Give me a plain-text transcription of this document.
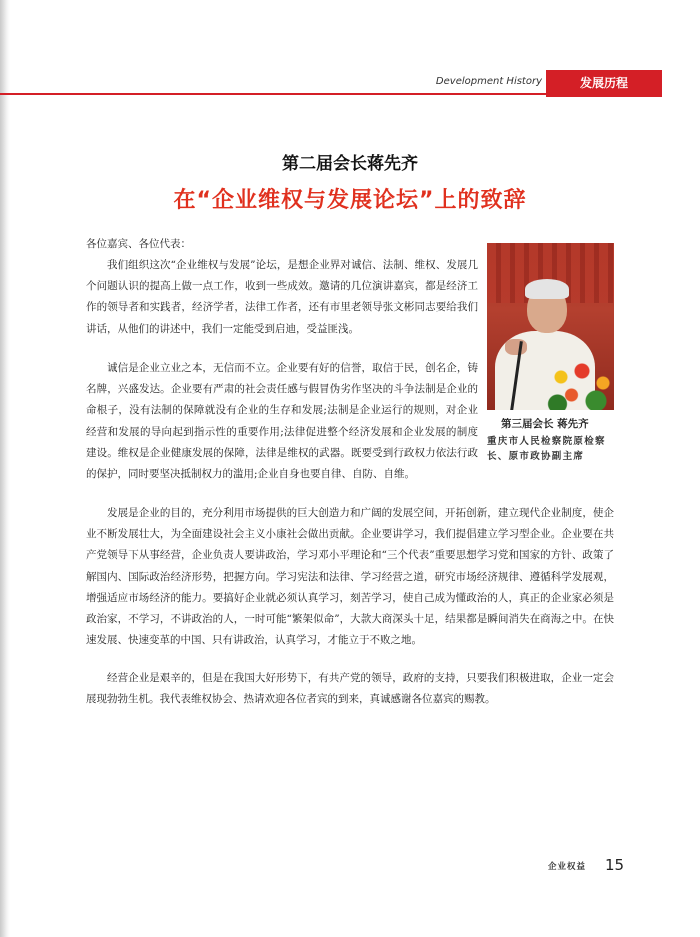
Development History	发展历程
第二届会长蒋先齐
在“企业维权与发展论坛”上的致辞
各位嘉宾、各位代表：

我们组织这次“企业维权与发展”论坛，是想企业界对诚信、法制、维权、发展几个问题认识的提高上做一点工作，收到一些成效。邀请的几位演讲嘉宾，都是经济工作的领导者和实践者，经济学者，法律工作者，还有市里老领导张文彬同志要给我们讲话，从他们的讲述中，我们一定能受到启迪，受益匪浅。

诚信是企业立业之本，无信而不立。企业要有好的信誉，取信于民，创名企，铸名牌，兴盛发达。企业要有严肃的社会责任感与假冒伪劣作坚决的斗争法制是企业的命根子，没有法制的保障就没有企业的生存和发展;法制是企业运行的规则，对企业经营和发展的导向起到指示性的重要作用;法律促进整个经济发展和企业发展的制度建设。维权是企业健康发展的保障，法律是维权的武器。既要受到行政权力依法行政的保护，同时要坚决抵制权力的滥用;企业自身也要自律、自防、自维。

发展是企业的目的，充分利用市场提供的巨大创造力和广阔的发展空间，开拓创新，建立现代企业制度，使企业不断发展壮大，为全面建设社会主义小康社会做出贡献。企业要讲学习，我们提倡建立学习型企业。企业要在共产党领导下从事经营，企业负责人要讲政治，学习邓小平理论和“三个代表”重要思想学习党和国家的方针、政策了解国内、国际政治经济形势，把握方向。学习宪法和法律、学习经营之道，研究市场经济规律、遵循科学发展观，增强适应市场经济的能力。要搞好企业就必须认真学习，刻苦学习，使自己成为懂政治的人，真正的企业家必须是政治家，不学习，不讲政治的人，一时可能“繁架似命”，大款大商深头十足，结果都是瞬间消失在商海之中。在快速发展、快速变革的中国、只有讲政治，认真学习，才能立于不败之地。

经营企业是艰辛的，但是在我国大好形势下，有共产党的领导，政府的支持，只要我们积极进取，企业一定会展现勃勃生机。我代表维权协会、热请欢迎各位者宾的到来，真诚感谢各位嘉宾的赐教。

第三届会长 蒋先齐
重庆市人民检察院原检察长、原市政协副主席
企业权益	15
